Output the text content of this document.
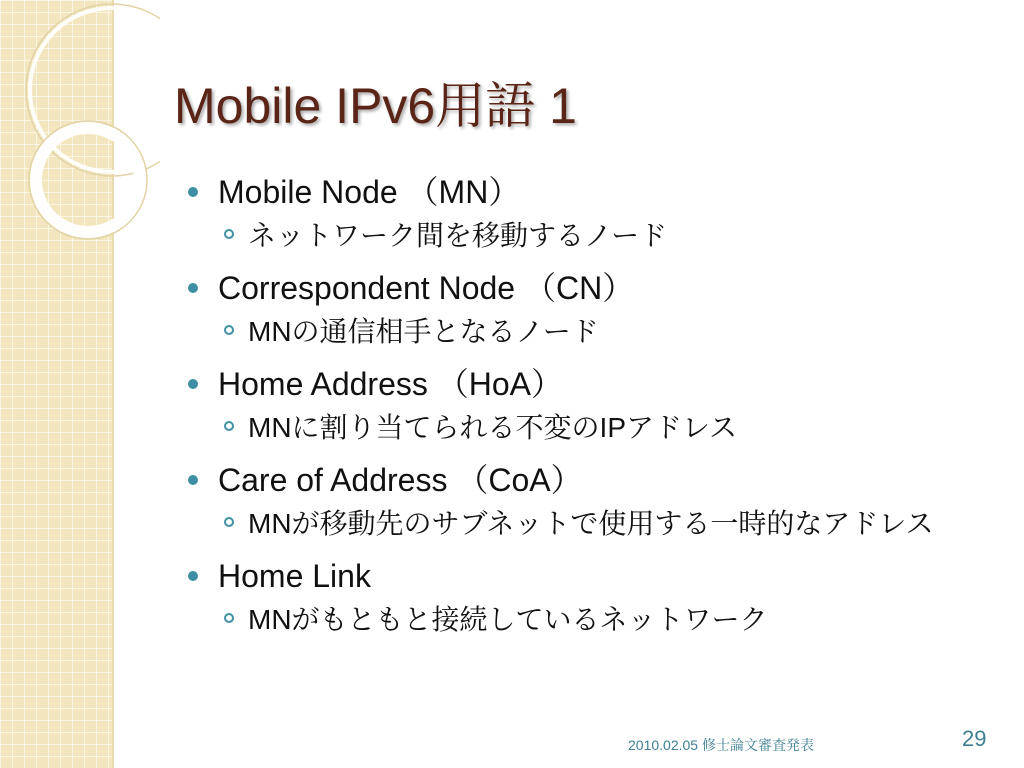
Mobile IPv6用語 1
Mobile Node （MN）
ネットワーク間を移動するノード
Correspondent Node （CN）
MNの通信相手となるノード
Home Address （HoA）
MNに割り当てられる不変のIPアドレス
Care of Address （CoA）
MNが移動先のサブネットで使用する一時的なアドレス
Home Link
MNがもともと接続しているネットワーク
2010.02.05 修士論文審査発表	29
